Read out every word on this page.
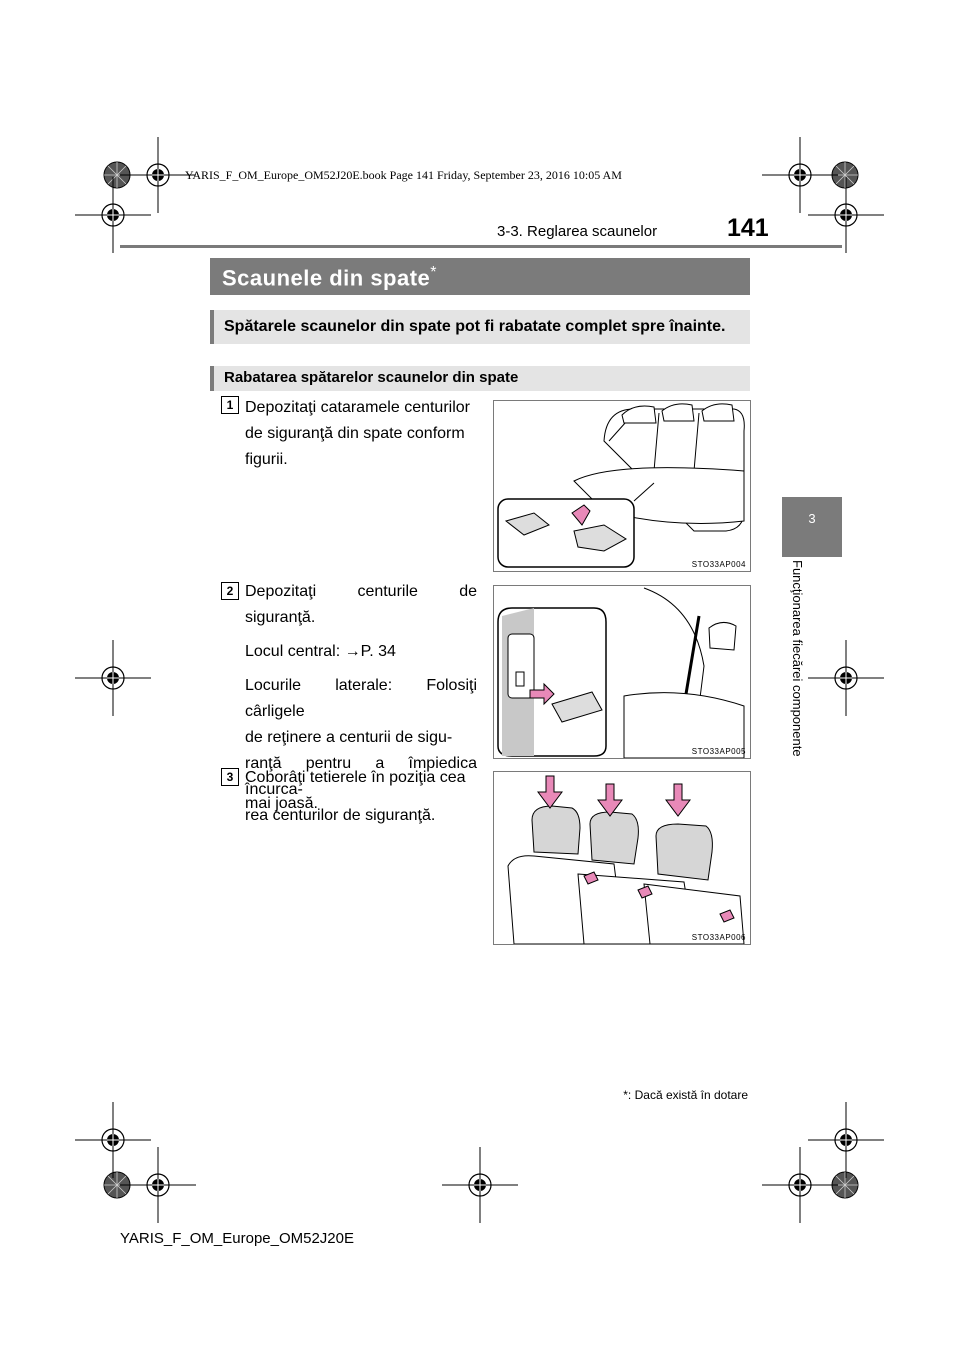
YARIS_F_OM_Europe_OM52J20E.book Page 141 Friday, September 23, 2016 10:05 AM
3-3. Reglarea scaunelor	141
3
Funcţionarea fiecărei componente
Scaunele din spate*
Spătarele scaunelor din spate pot fi rabatate complet spre înainte.
Rabatarea spătarelor scaunelor din spate
1 Depozitaţi cataramele centurilor
de siguranţă din spate conform
figurii.
STO33AP004
2 Depozitaţi centurile de siguranţă.
Locul central: →P. 34
Locurile laterale: Folosiţi cârligele
de reţinere a centurii de sigu-
ranţă pentru a împiedica încurca-
rea centurilor de siguranţă.
STO33AP005
3 Coborâţi tetierele în poziţia cea
mai joasă.
STO33AP006
*: Dacă există în dotare
YARIS_F_OM_Europe_OM52J20E
